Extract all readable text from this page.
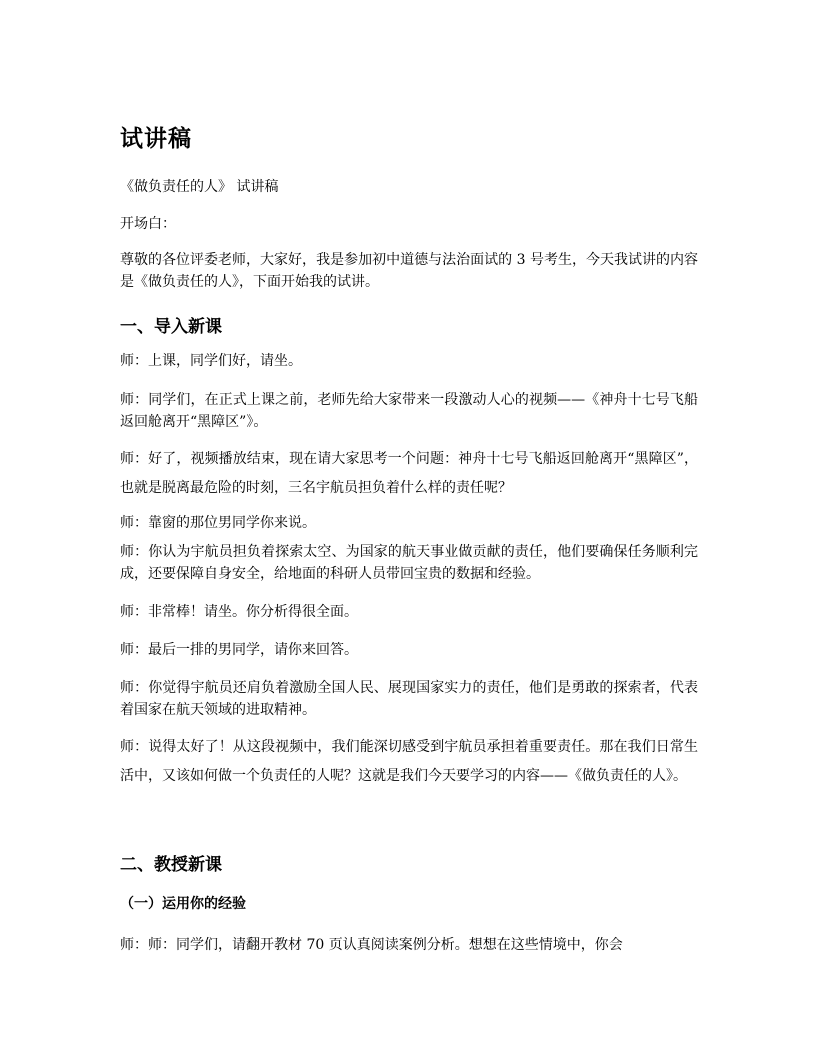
试讲稿

《做负责任的人》 试讲稿

开场白：

尊敬的各位评委老师，大家好，我是参加初中道德与法治面试的 3 号考生，今天我试讲的内容是《做负责任的人》，下面开始我的试讲。

一、导入新课

师：上课，同学们好，请坐。

师：同学们，在正式上课之前，老师先给大家带来一段激动人心的视频——《神舟十七号飞船返回舱离开“黑障区”》。

师：好了，视频播放结束，现在请大家思考一个问题：神舟十七号飞船返回舱离开“黑障区”，也就是脱离最危险的时刻，三名宇航员担负着什么样的责任呢？

师：靠窗的那位男同学你来说。

师：你认为宇航员担负着探索太空、为国家的航天事业做贡献的责任，他们要确保任务顺利完成，还要保障自身安全，给地面的科研人员带回宝贵的数据和经验。

师：非常棒！请坐。你分析得很全面。

师：最后一排的男同学，请你来回答。

师：你觉得宇航员还肩负着激励全国人民、展现国家实力的责任，他们是勇敢的探索者，代表着国家在航天领域的进取精神。

师：说得太好了！从这段视频中，我们能深切感受到宇航员承担着重要责任。那在我们日常生活中，又该如何做一个负责任的人呢？这就是我们今天要学习的内容——《做负责任的人》。

二、教授新课
（一）运用你的经验

师：师：同学们，请翻开教材 70 页认真阅读案例分析。想想在这些情境中，你会
